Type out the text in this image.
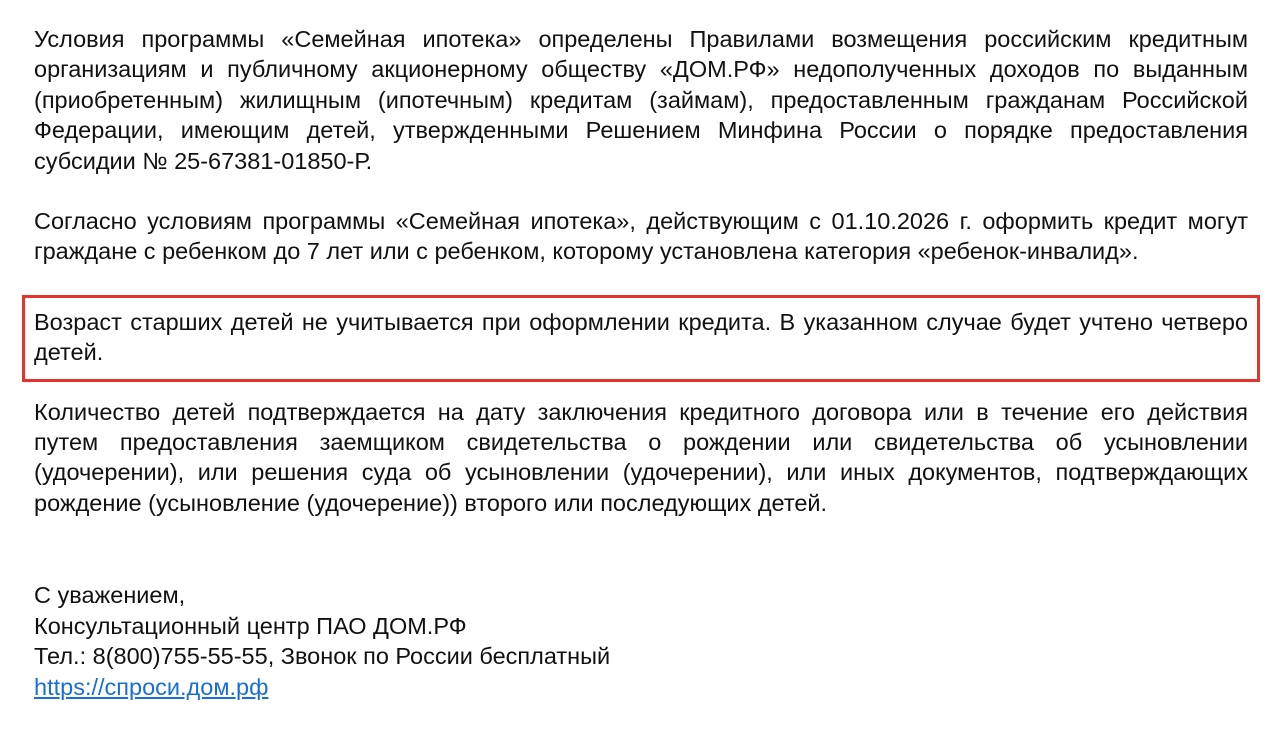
Условия программы «Семейная ипотека» определены Правилами возмещения российским кредитным организациям и публичному акционерному обществу «ДОМ.РФ» недополученных доходов по выданным (приобретенным) жилищным (ипотечным) кредитам (займам), предоставленным гражданам Российской Федерации, имеющим детей, утвержденными Решением Минфина России о порядке предоставления субсидии № 25-67381-01850-Р.

Согласно условиям программы «Семейная ипотека», действующим с 01.10.2026 г. оформить кредит могут граждане с ребенком до 7 лет или с ребенком, которому установлена категория «ребенок-инвалид».

Возраст старших детей не учитывается при оформлении кредита. В указанном случае будет учтено четверо детей.

Количество детей подтверждается на дату заключения кредитного договора или в течение его действия путем предоставления заемщиком свидетельства о рождении или свидетельства об усыновлении (удочерении), или решения суда об усыновлении (удочерении), или иных документов, подтверждающих рождение (усыновление (удочерение)) второго или последующих детей.

С уважением,
Консультационный центр ПАО ДОМ.РФ
Тел.: 8(800)755-55-55, Звонок по России бесплатный
https://спроси.дом.рф
